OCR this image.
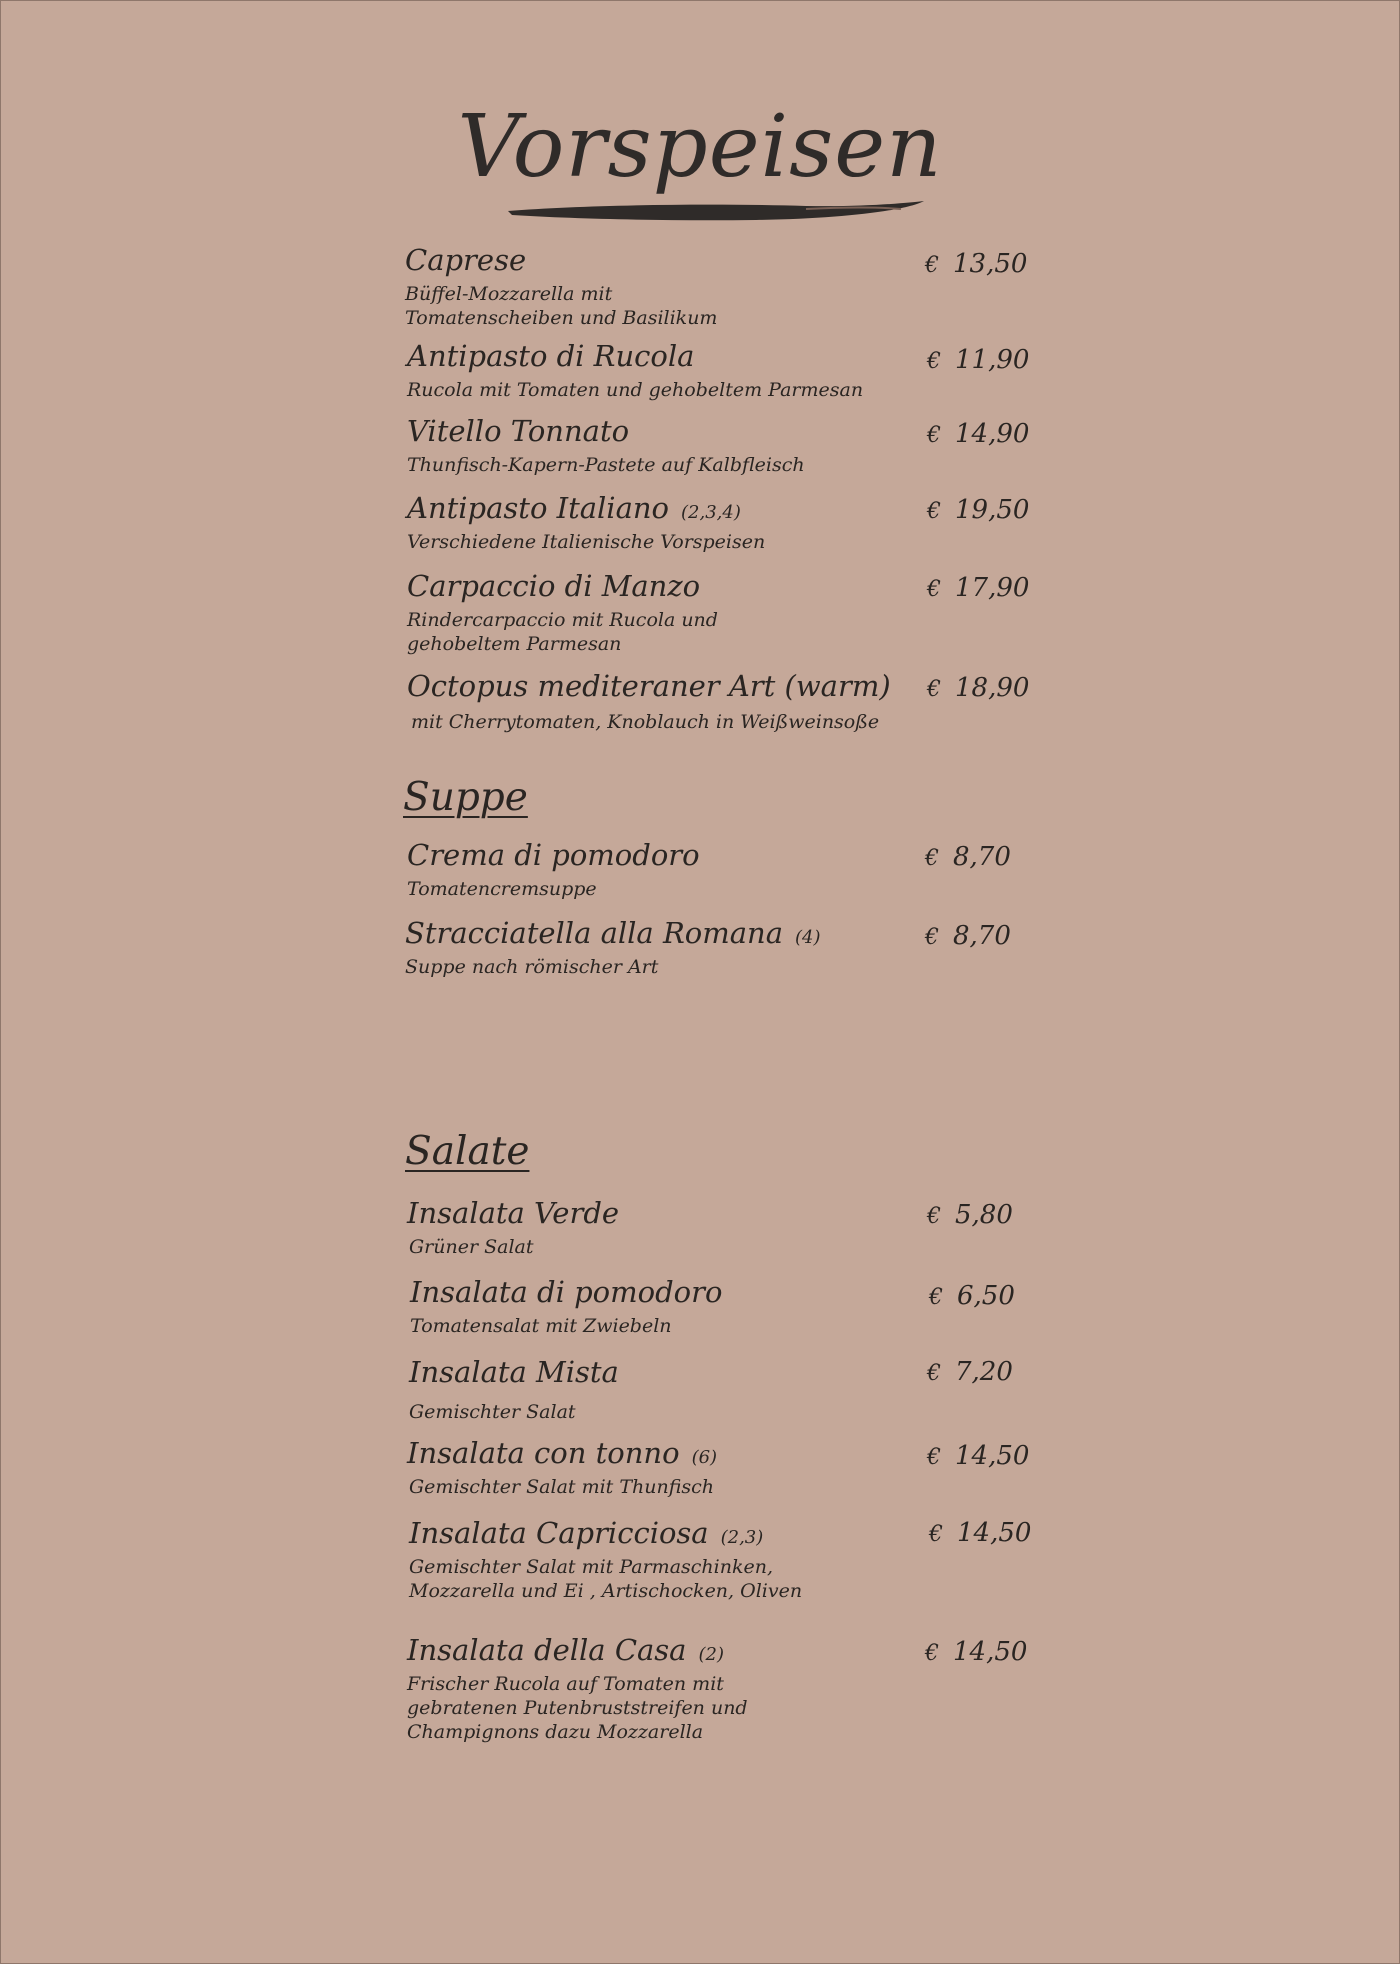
Vorspeisen
Caprese
Büffel-Mozzarella mit
Tomatenscheiben und Basilikum
€ 13,50
Antipasto di Rucola
Rucola mit Tomaten und gehobeltem Parmesan
€ 11,90
Vitello Tonnato
Thunfisch-Kapern-Pastete auf Kalbfleisch
€ 14,90
Antipasto Italiano (2,3,4)
Verschiedene Italienische Vorspeisen
€ 19,50
Carpaccio di Manzo
Rindercarpaccio mit Rucola und
gehobeltem Parmesan
€ 17,90
Octopus mediteraner Art (warm)
mit Cherrytomaten, Knoblauch in Weißweinsoße
€ 18,90
Suppe
Crema di pomodoro
Tomatencremsuppe
€ 8,70
Stracciatella alla Romana (4)
Suppe nach römischer Art
€ 8,70
Salate
Insalata Verde
Grüner Salat
€ 5,80
Insalata di pomodoro
Tomatensalat mit Zwiebeln
€ 6,50
Insalata Mista
Gemischter Salat
€ 7,20
Insalata con tonno (6)
Gemischter Salat mit Thunfisch
€ 14,50
Insalata Capricciosa (2,3)
Gemischter Salat mit Parmaschinken,
Mozzarella und Ei , Artischocken, Oliven
€ 14,50
Insalata della Casa (2)
Frischer Rucola auf Tomaten mit
gebratenen Putenbruststreifen und
Champignons dazu Mozzarella
€ 14,50
